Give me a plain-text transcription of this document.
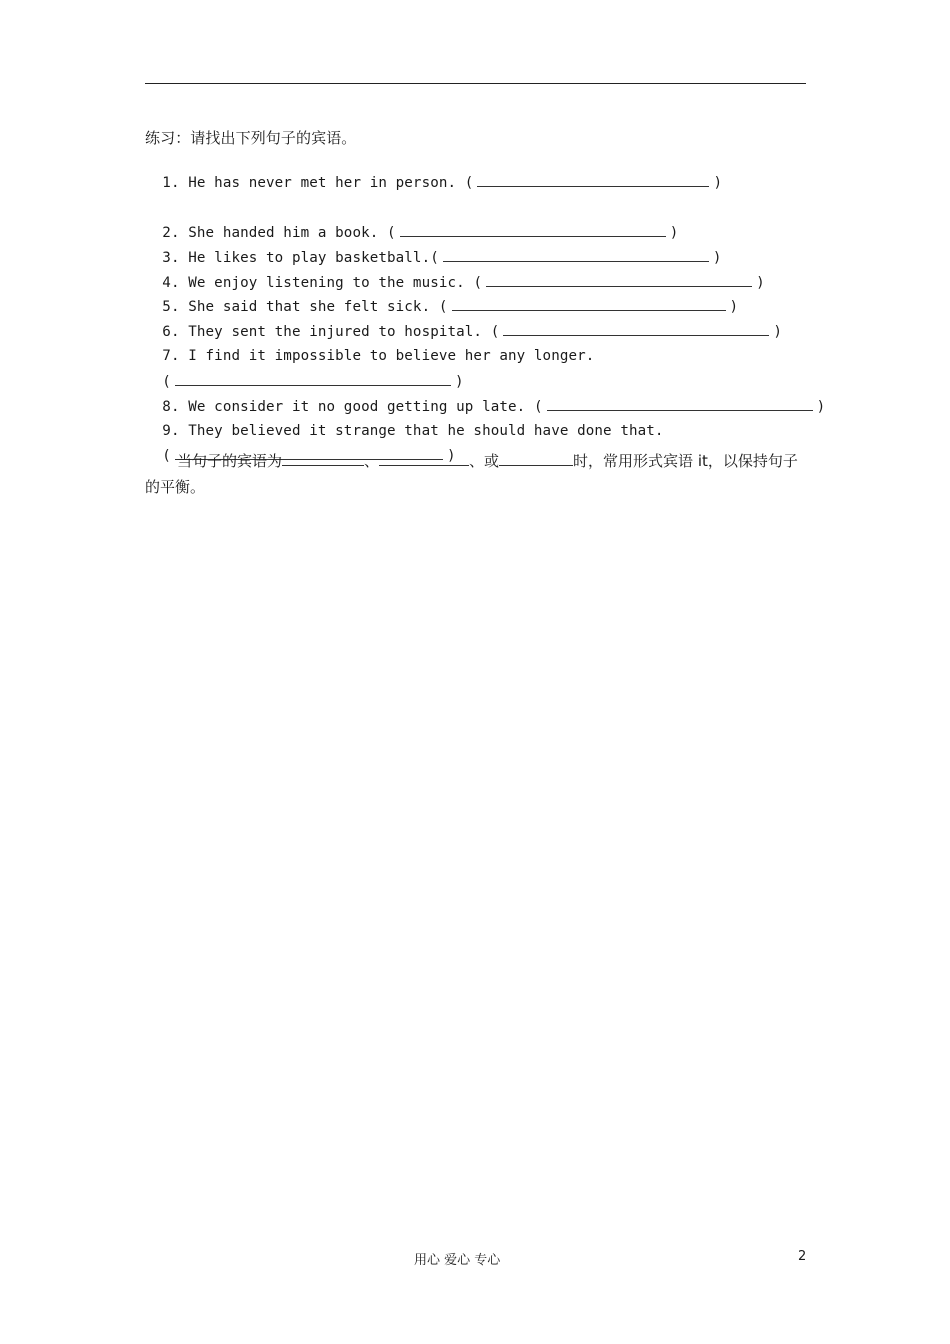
练习：请找出下列句子的宾语。

1. He has never met her in person. (	)

2. She handed him a book. (	)

3. He likes to play basketball.(	)

4. We enjoy listening to the music. (	)

5. She said that she felt sick. (	)

6. They sent the injured to hospital. (	)

7. I find it impossible to believe her any longer.

(	)

8. We consider it no good getting up late. (	)

9. They believed it strange that he should have done that.

(	)

当句子的宾语为	、	、或	时，常用形式宾语 it，以保持句子的平衡。
用心 爱心 专心	2
